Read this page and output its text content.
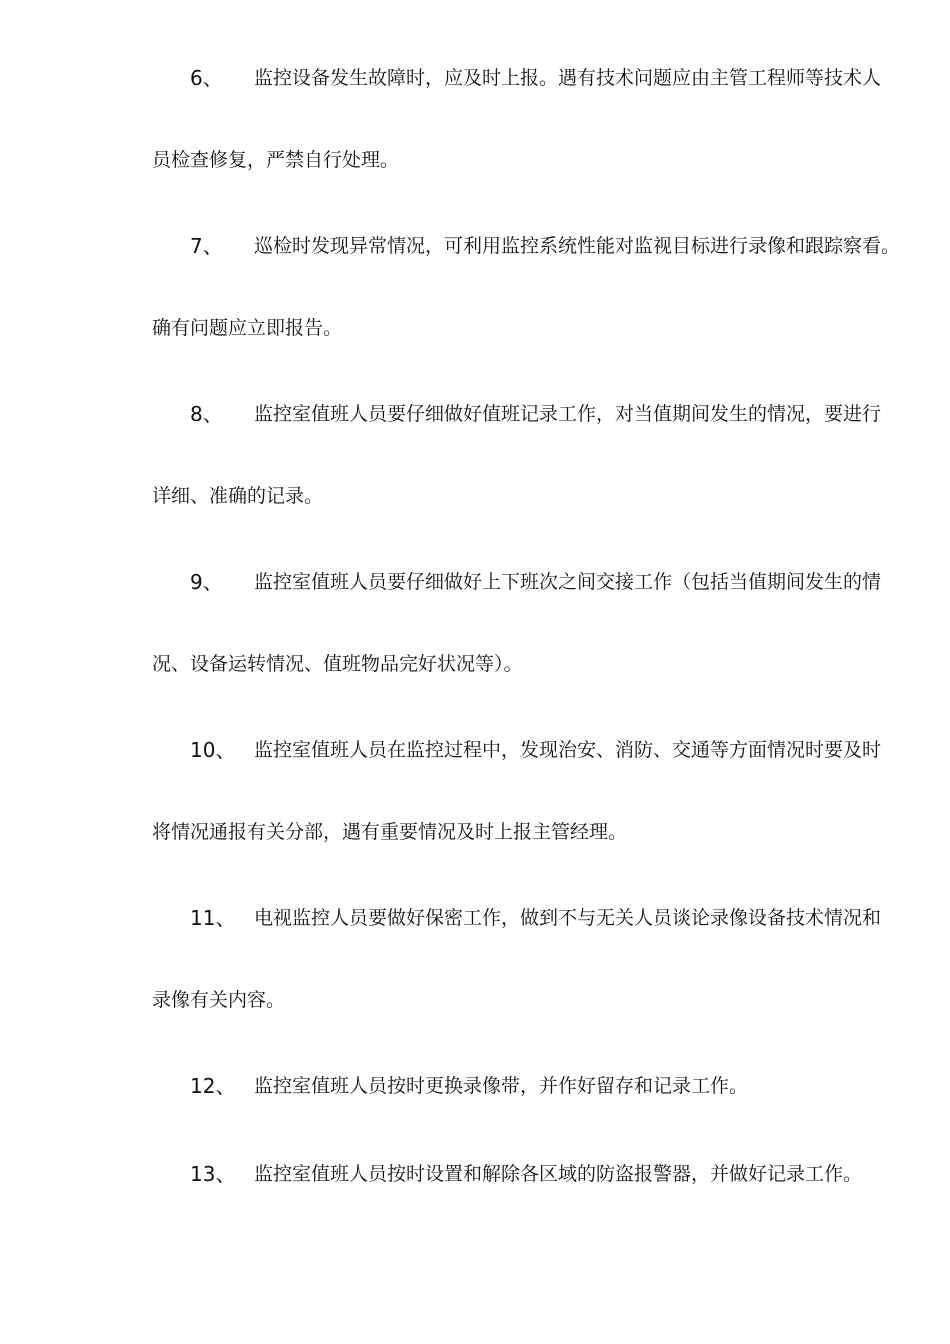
6、 监控设备发生故障时，应及时上报。遇有技术问题应由主管工程师等技术人
员检查修复，严禁自行处理。
7、 巡检时发现异常情况，可利用监控系统性能对监视目标进行录像和跟踪察看。
确有问题应立即报告。
8、 监控室值班人员要仔细做好值班记录工作，对当值期间发生的情况，要进行
详细、准确的记录。
9、 监控室值班人员要仔细做好上下班次之间交接工作（包括当值期间发生的情
况、设备运转情况、值班物品完好状况等）。
10、 监控室值班人员在监控过程中，发现治安、消防、交通等方面情况时要及时
将情况通报有关分部，遇有重要情况及时上报主管经理。
11、 电视监控人员要做好保密工作，做到不与无关人员谈论录像设备技术情况和
录像有关内容。
12、 监控室值班人员按时更换录像带，并作好留存和记录工作。
13、 监控室值班人员按时设置和解除各区域的防盗报警器，并做好记录工作。
